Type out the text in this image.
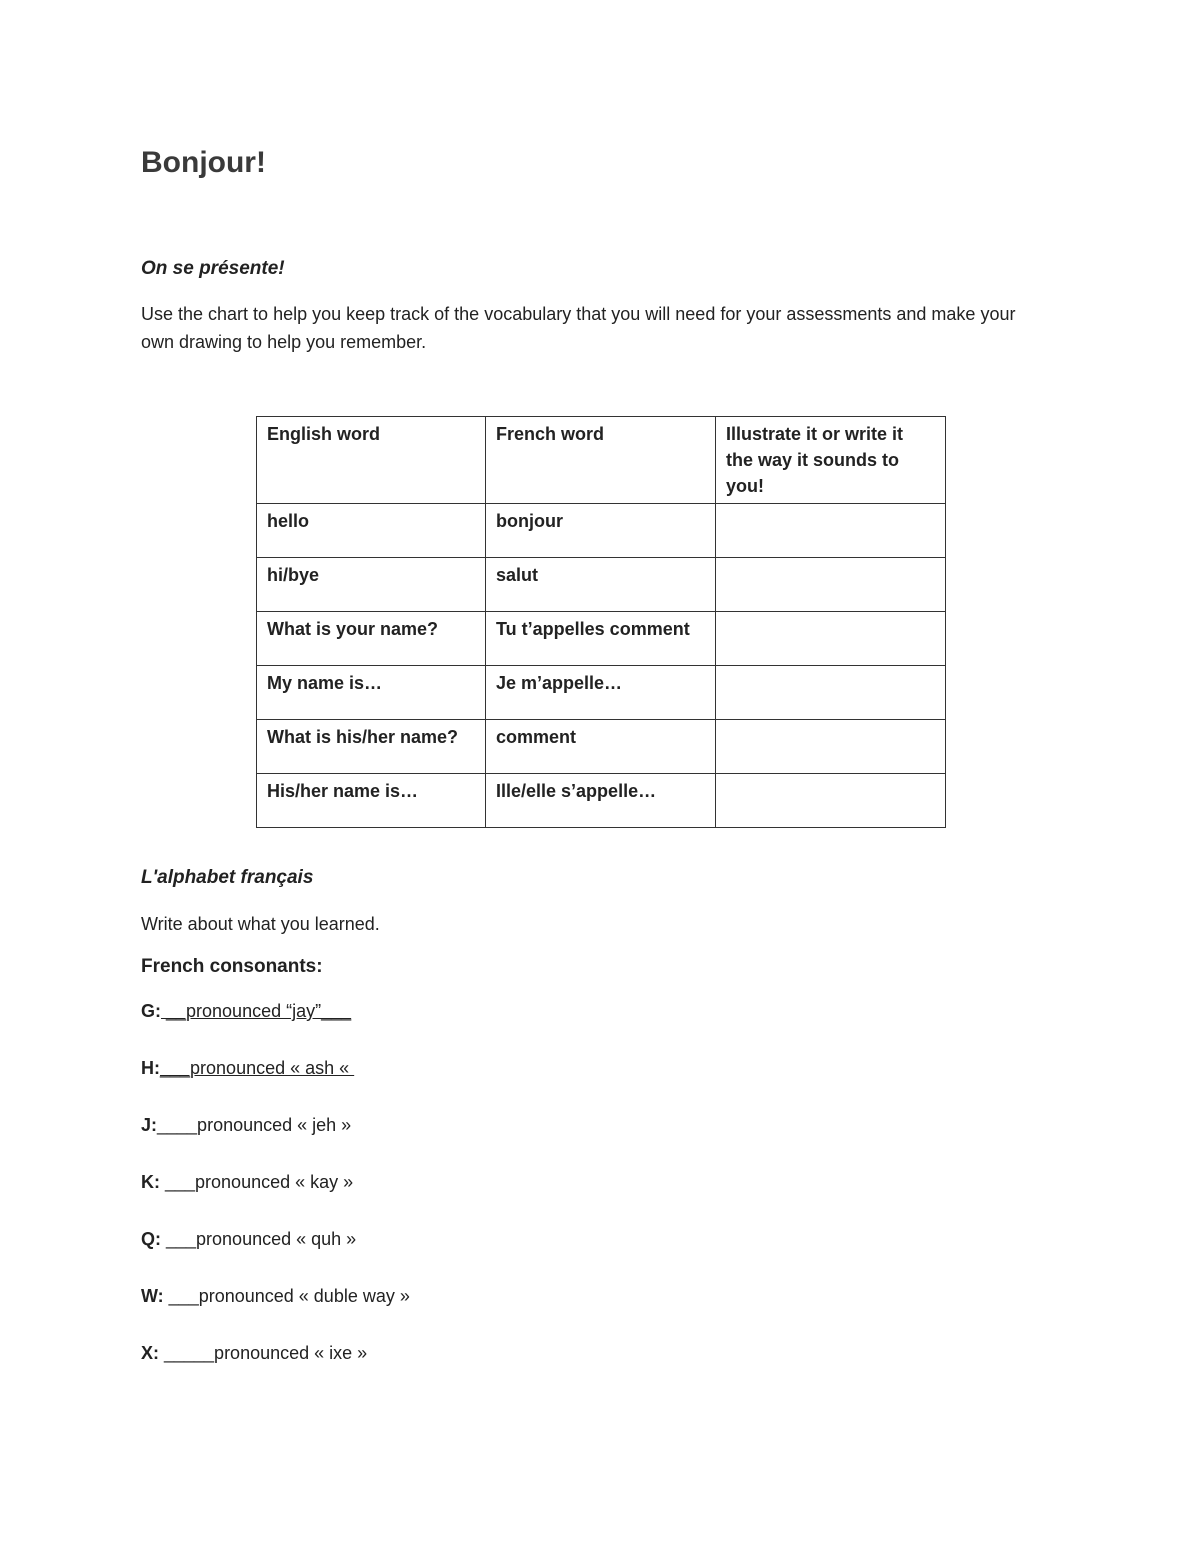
Bonjour!
On se présente!

Use the chart to help you keep track of the vocabulary that you will need for your assessments and make your own drawing to help you remember.

English word	French word	Illustrate it or write it the way it sounds to you!
hello	bonjour	
hi/bye	salut	
What is your name?	Tu t’appelles comment	
My name is…	Je m’appelle…	
What is his/her name?	comment	
His/her name is…	Ille/elle s’appelle…	
L'alphabet français

Write about what you learned.

French consonants:

G: __pronounced “jay”___

H:___pronounced « ash «

J:____pronounced « jeh »

K: ___pronounced « kay »

Q: ___pronounced « quh »

W: ___pronounced « duble way »

X: _____pronounced « ixe »
